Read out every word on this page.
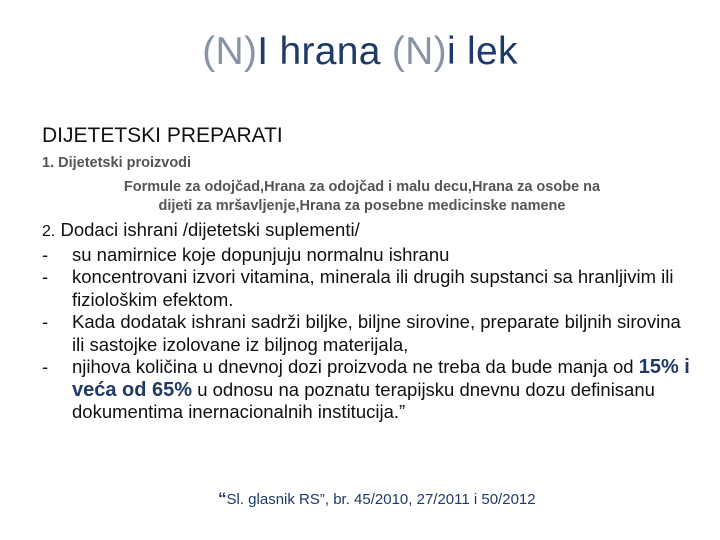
(N)I hrana (N)i lek
DIJETETSKI PREPARATI
1. Dijetetski proizvodi
Formule za odojčad,Hrana za odojčad i malu decu,Hrana za osobe na
dijeti za mršavljenje,Hrana za posebne medicinske namene
2. Dodaci ishrani /dijetetski suplementi/
- su namirnice koje dopunjuju normalnu ishranu
- koncentrovani izvori vitamina, minerala ili drugih supstanci sa hranljivim ili fiziološkim efektom.
- Kada dodatak ishrani sadrži biljke, biljne sirovine, preparate biljnih sirovina ili sastojke izolovane iz biljnog materijala,
- njihova količina u dnevnoj dozi proizvoda ne treba da bude manja od 15% i veća od 65% u odnosu na poznatu terapijsku dnevnu dozu definisanu dokumentima inernacionalnih institucija.”
“Sl. glasnik RS”, br. 45/2010, 27/2011 i 50/2012
